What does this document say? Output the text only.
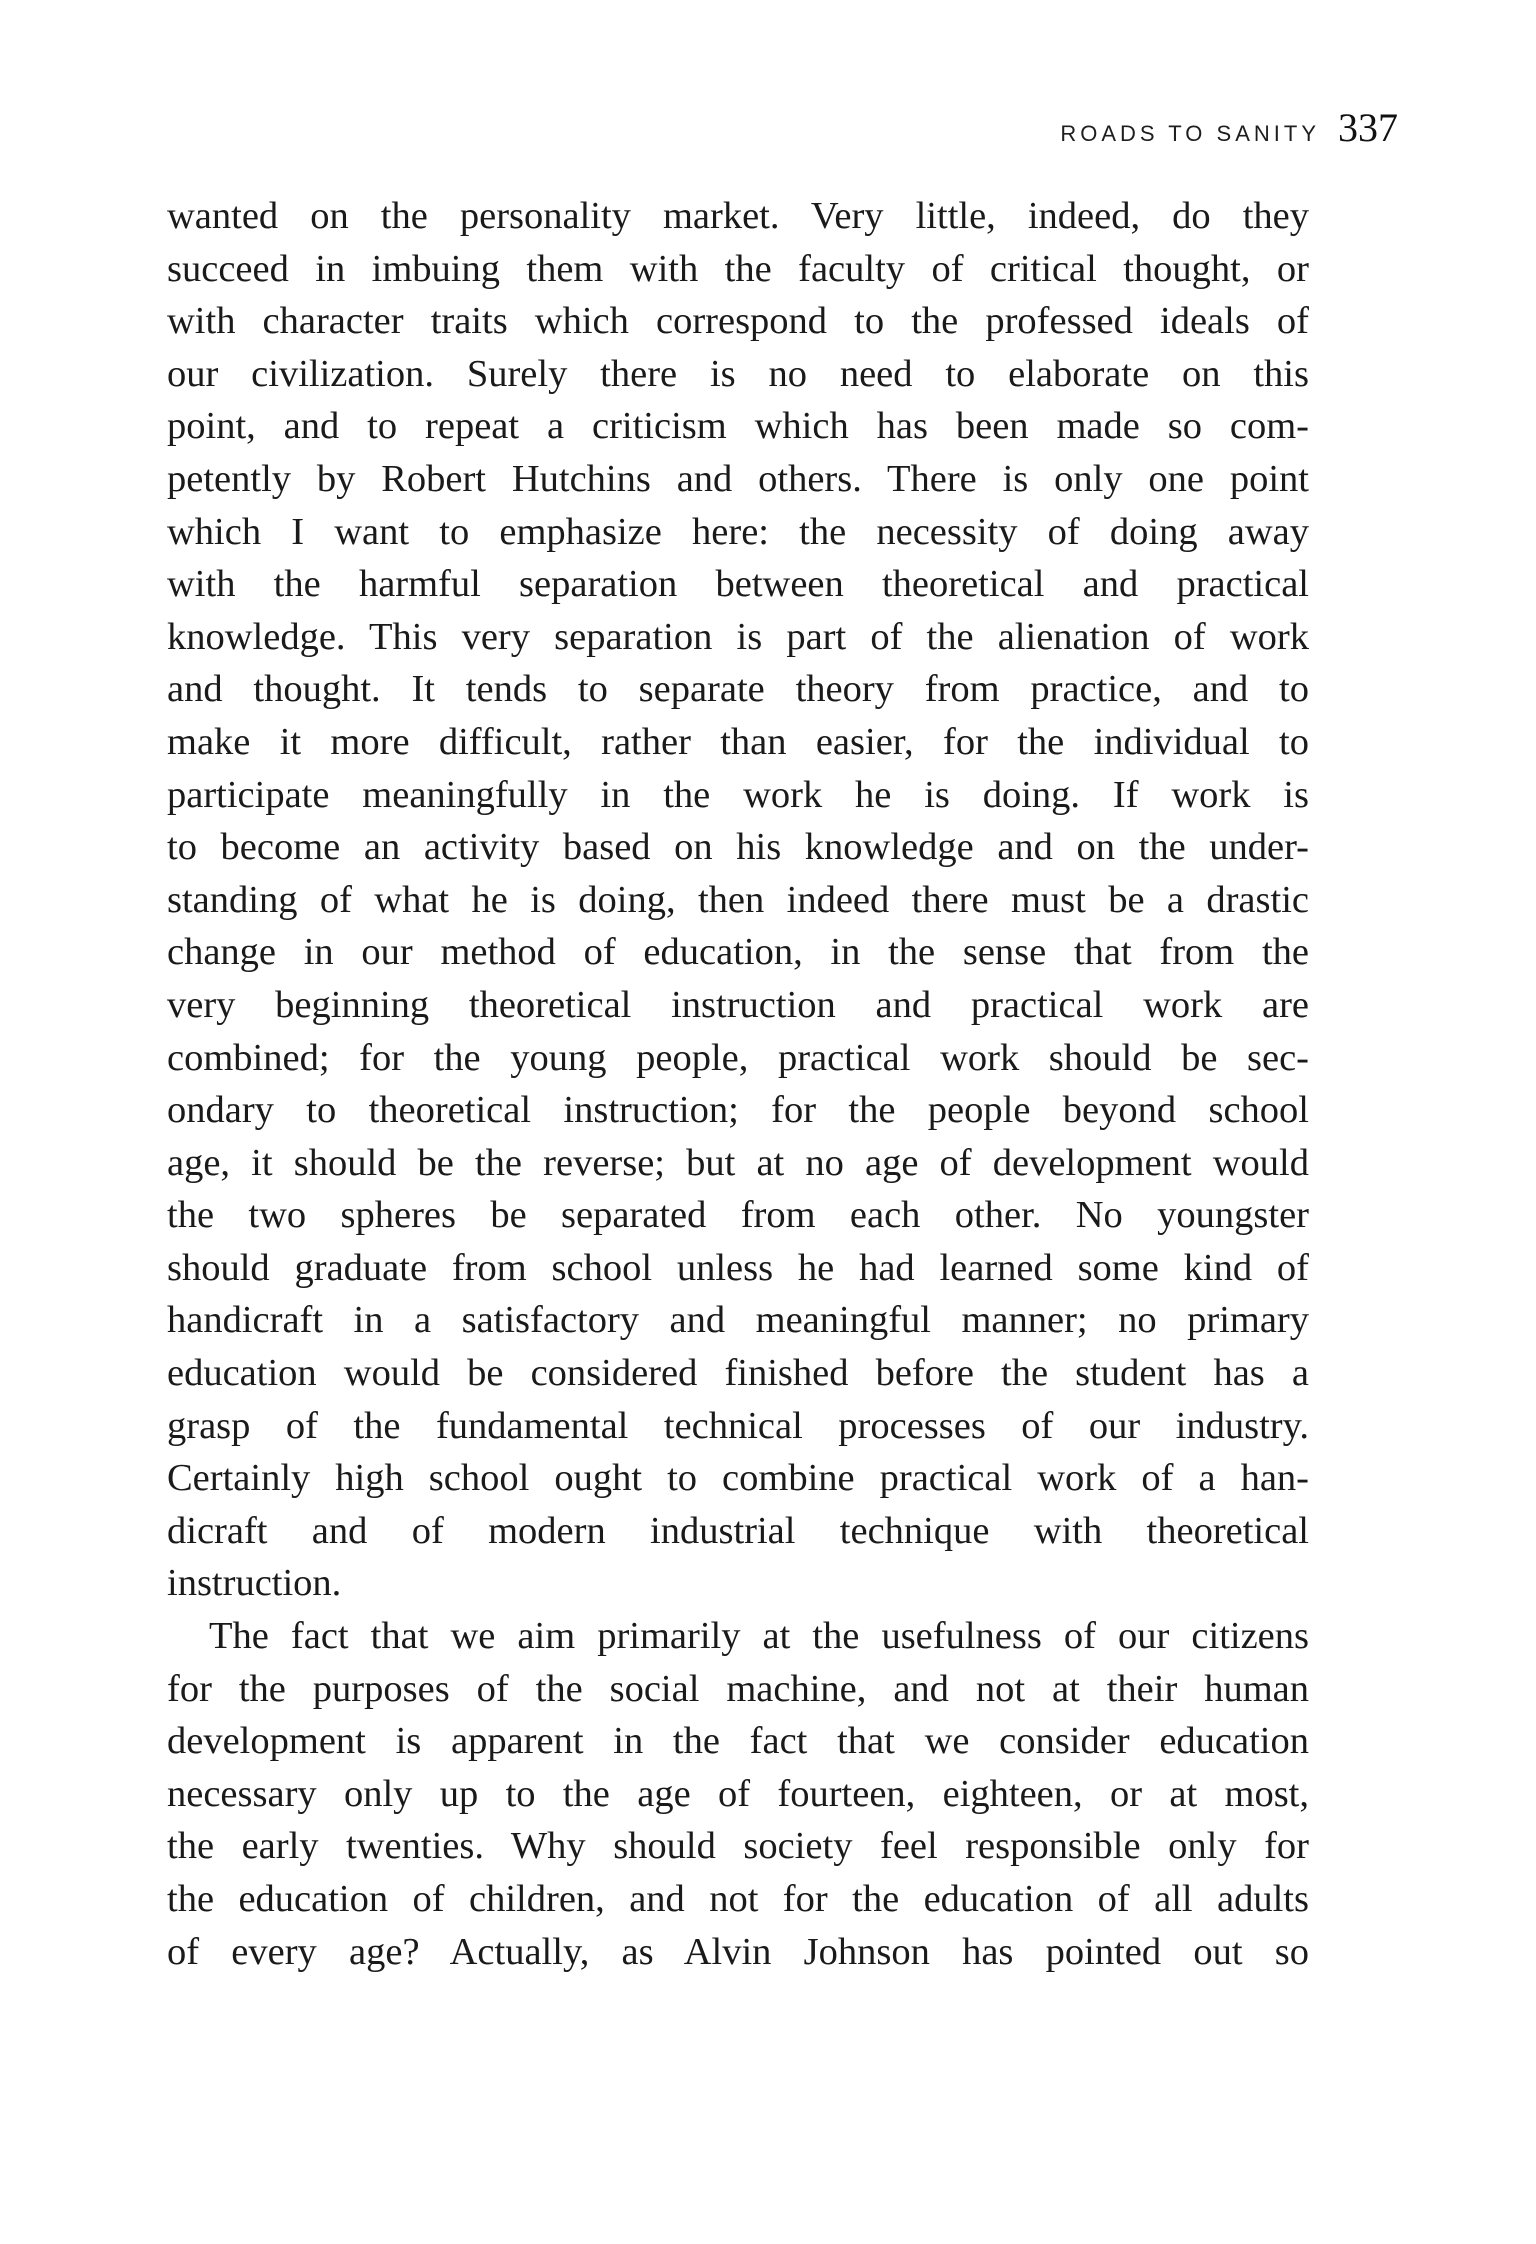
ROADS TO SANITY 337
wanted on the personality market. Very little, indeed, do they
succeed in imbuing them with the faculty of critical thought, or
with character traits which correspond to the professed ideals of
our civilization. Surely there is no need to elaborate on this
point, and to repeat a criticism which has been made so com-
petently by Robert Hutchins and others. There is only one point
which I want to emphasize here: the necessity of doing away
with the harmful separation between theoretical and practical
knowledge. This very separation is part of the alienation of work
and thought. It tends to separate theory from practice, and to
make it more difficult, rather than easier, for the individual to
participate meaningfully in the work he is doing. If work is
to become an activity based on his knowledge and on the under-
standing of what he is doing, then indeed there must be a drastic
change in our method of education, in the sense that from the
very beginning theoretical instruction and practical work are
combined; for the young people, practical work should be sec-
ondary to theoretical instruction; for the people beyond school
age, it should be the reverse; but at no age of development would
the two spheres be separated from each other. No youngster
should graduate from school unless he had learned some kind of
handicraft in a satisfactory and meaningful manner; no primary
education would be considered finished before the student has a
grasp of the fundamental technical processes of our industry.
Certainly high school ought to combine practical work of a han-
dicraft and of modern industrial technique with theoretical
instruction.
The fact that we aim primarily at the usefulness of our citizens
for the purposes of the social machine, and not at their human
development is apparent in the fact that we consider education
necessary only up to the age of fourteen, eighteen, or at most,
the early twenties. Why should society feel responsible only for
the education of children, and not for the education of all adults
of every age? Actually, as Alvin Johnson has pointed out so
